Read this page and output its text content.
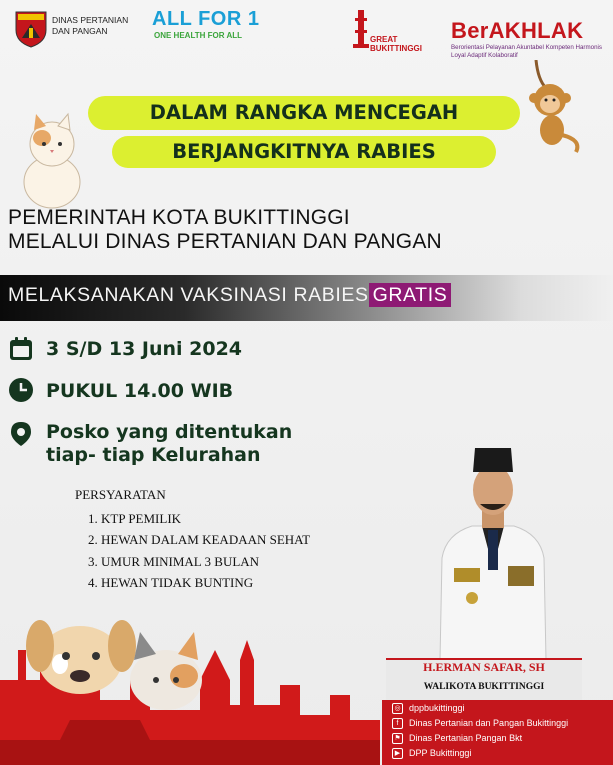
DINAS PERTANIAN
DAN PANGAN
ALL FOR 1
ONE HEALTH FOR ALL	GREAT
BUKITTINGGI
BerAKHLAK
Berorientasi Pelayanan Akuntabel Kompeten Harmonis Loyal Adaptif Kolaboratif
DALAM RANGKA MENCEGAH
BERJANGKITNYA RABIES
PEMERINTAH KOTA BUKITTINGGI
MELALUI DINAS PERTANIAN DAN PANGAN
MELAKSANAKAN VAKSINASI RABIES GRATIS
3 S/D 13 Juni 2024
PUKUL 14.00 WIB
Posko yang ditentukan
tiap- tiap Kelurahan
PERSYARATAN
1. KTP PEMILIK
2. HEWAN DALAM KEADAAN SEHAT
3. UMUR MINIMAL 3 BULAN
4. HEWAN TIDAK BUNTING
H.ERMAN SAFAR, SH
WALIKOTA BUKITTINGGI
◎ dppbukittinggi
f Dinas Pertanian dan Pangan Bukittinggi
⚑ Dinas Pertanian Pangan Bkt
▶ DPP Bukittinggi
